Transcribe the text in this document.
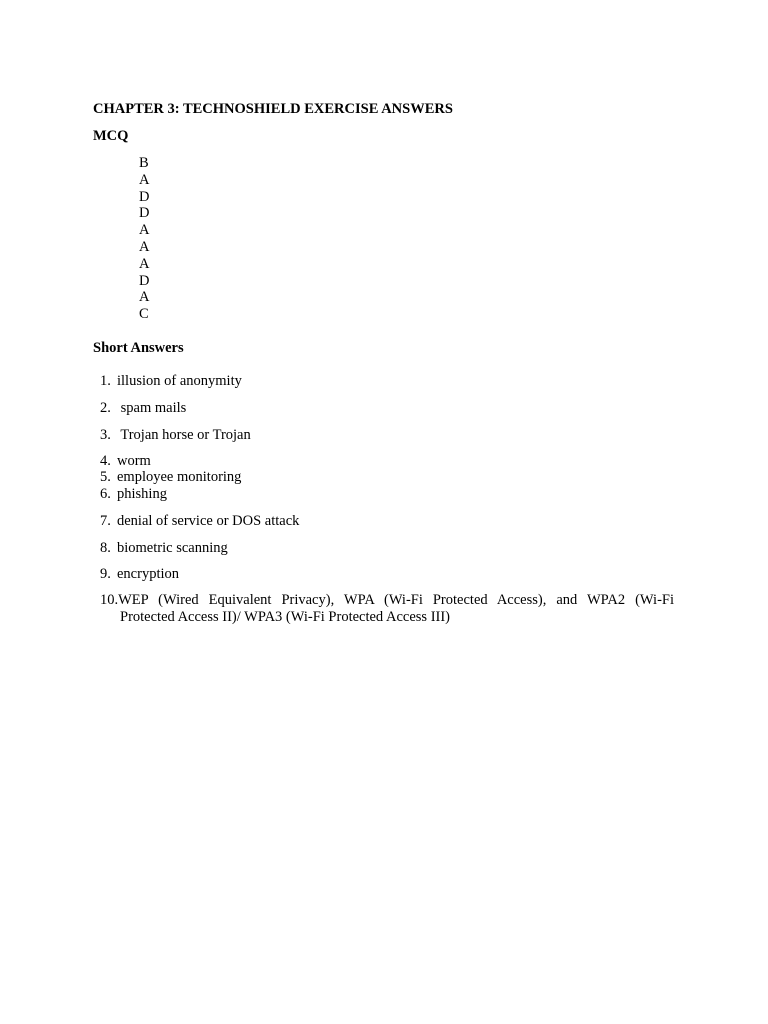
CHAPTER 3: TECHNOSHIELD EXERCISE ANSWERS
MCQ
B
A
D
D
A
A
A
D
A
C
Short Answers
1. illusion of anonymity
2. spam mails
3. Trojan horse or Trojan
4. worm
5. employee monitoring
6. phishing
7. denial of service or DOS attack
8. biometric scanning
9. encryption
10.WEP (Wired Equivalent Privacy), WPA (Wi-Fi Protected Access), and WPA2 (Wi-Fi
Protected Access II)/ WPA3 (Wi-Fi Protected Access III)
